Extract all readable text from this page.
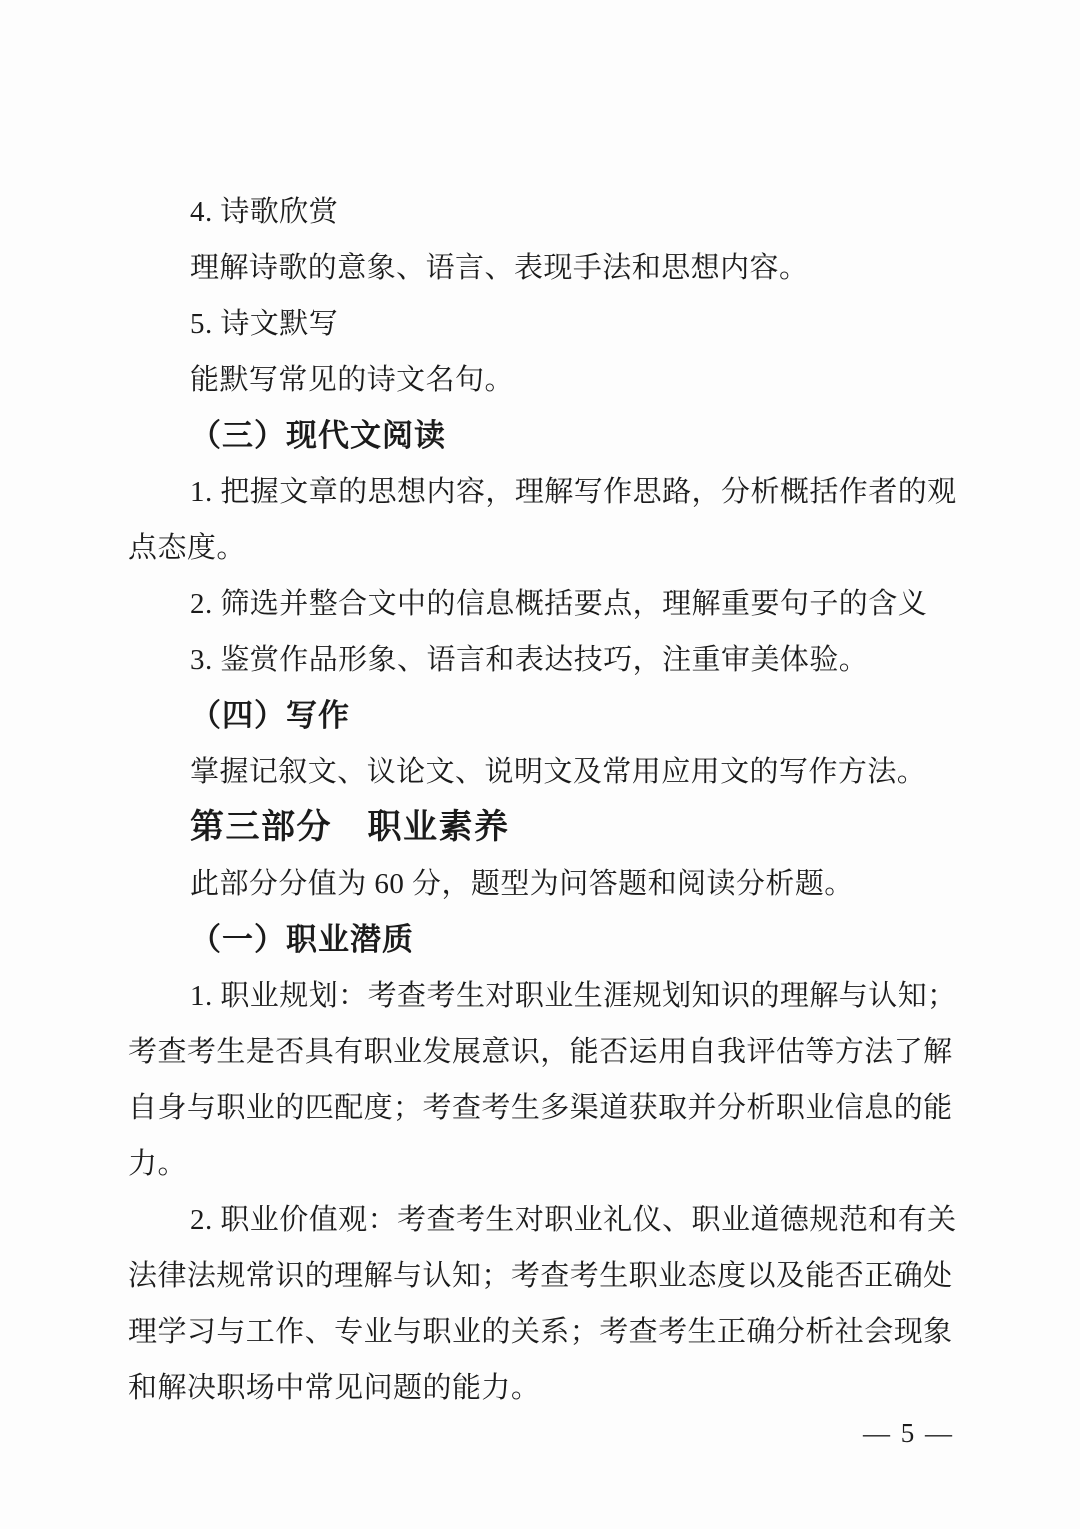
4. 诗歌欣赏
理解诗歌的意象、语言、表现手法和思想内容。
5. 诗文默写
能默写常见的诗文名句。
（三）现代文阅读
1. 把握文章的思想内容，理解写作思路，分析概括作者的观
点态度。
2. 筛选并整合文中的信息概括要点，理解重要句子的含义
3. 鉴赏作品形象、语言和表达技巧，注重审美体验。
（四）写作
掌握记叙文、议论文、说明文及常用应用文的写作方法。
第三部分　职业素养
此部分分值为 60 分，题型为问答题和阅读分析题。
（一）职业潜质
1. 职业规划：考查考生对职业生涯规划知识的理解与认知；
考查考生是否具有职业发展意识，能否运用自我评估等方法了解
自身与职业的匹配度；考查考生多渠道获取并分析职业信息的能
力。
2. 职业价值观：考查考生对职业礼仪、职业道德规范和有关
法律法规常识的理解与认知；考查考生职业态度以及能否正确处
理学习与工作、专业与职业的关系；考查考生正确分析社会现象
和解决职场中常见问题的能力。
— 5 —
